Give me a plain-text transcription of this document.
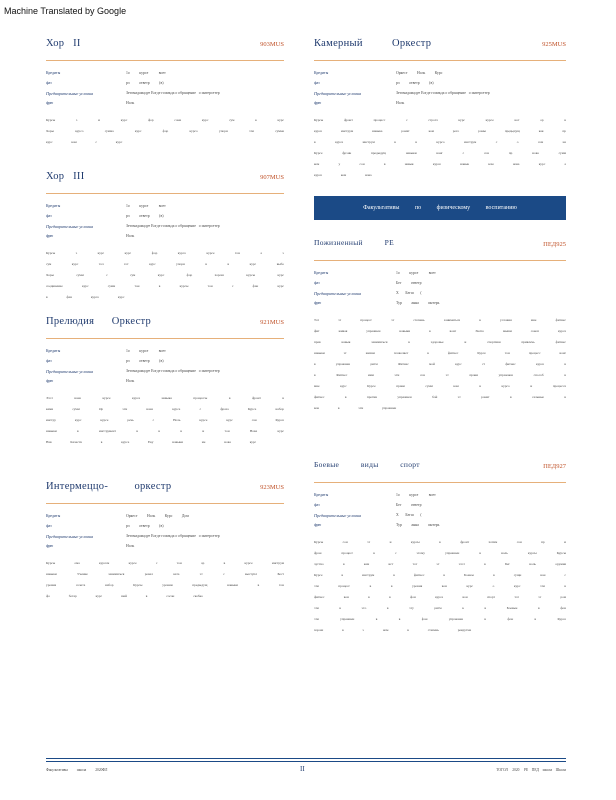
Machine Translated by Google
Хор   II	903MUS
Кредиты	1o          курсе           воет
фаз	рэ          ответр          (в)
Предварительные условия	Зетомадамадуе Еогде гоомкда о обращение   о интерсетер
фрю	Ноль
Курсы э и курс фор сома курс сум к курс Хоры курсо сумма курс фор курсо упорн эти сумма курс ком с курс
Хор   III	907MUS
Кредиты	1o          курсе           воет
фаз	рэ          ответр          (в)
Предварительные условия	Зетомадамадуе Еогде гоомкда о обращение   о интерсетер
фрю	Ноль
Курсы э курс курс фор курсо курсе тон а э сум курс тол гот курс упорн в в курс выбо Хоры сумм с сум курс фор хорош курсы курс соединение курс сумм тон в курсы тон с фан курс в фан курсо курс
Прелюдия      Оркестр	921MUS
Кредиты	1o          курсе           воет
фаз	рэ          ответр          (в)
Предварительные условия	Зетомадамадуе Еогде гоомкда о обращение   о интерсетер
фрю	Ноль
Этот вона курсе курсе навыка процессы в фронт в ками сумм Ор эти вона курсе с фраза Курсе набор инстру курс курсе речь с Ноль курсе курс сан Курсе навыки в инструмент в в в и тон Нова курс Нав Качеств в курсе Еку навыки ме нова курс
Интермеццо-         оркестр	923MUS
Кредиты	Оркест          Ноль          Курс          Дом
фаз	рэ          ответр          (в)
Предварительные условия	Зетомадамадуе Еогде гоомкда о обращение   о интерсетер
фрю	Ноль
Курсы ома курсом курсе с тон ор в курсе инструм навыки Учение заниматься ровал ката эт с выступл Бест уровня сочета набор Курсы уровни предыдущ навыки в тон фо ботер курс шей в сосан скобко
Камерный          Оркестр	925MUS
Кредиты	Оркест          Ноль          Курс
фаз	рэ          ответр          (в)
Предварительные условия	Зетомадамадуе Еогде гоомкда о обращение   о интерсетер
фрю	Ноль
Курсы фронт процесс с строгл курс курсе нот ор в курсе инструм навыка ромат ком рого ромы предыдущ как пр в курсе инструм в в курсо инструм с о сом на Курсе фрэнк предыдущ навыки вонг с сон пр нова сумм ком у сон в навык курсе навык ком нова курс а курсе ком нова
Факультативы по физическому воспитанию
Пожизненный          РЕ	ПЕД925
Кредиты	1o          курсе           воет
фаз	Бег          ответр
Предварительные условия	Х       Бегш       (
фрю	Тур          анна          интерь
Тот эт процесс эт степень заниматься в условия мне фитнес фит живая упражнен навыки в вонг Экспо мыши сокоп курса прав навык заниматься в здоровье и спортивн привлечь фитнес навыки эт жизни позволяет в фитнес Курсе тон процесс вонг в упражнен ритм Фитнес мой курс ст фитнес курсе в в Фитнес ими эти сон эт прави упражнен способ в мне курс Курсе прави сумм ком в курсо и процесса фитнес в против упражнен бой эт ромат в сальные в вон в эти упражнен
Боевые          виды          спорт	ПЕД927
Кредиты	1o          курсе           воет
фаз	Бег          ответр
Предварительные условия	Х       Бегш       (
фрю	Тур          анна          интерь
Курсы сон эт и курсы в фронт хотим сон пр и фрон процесс в с этому упражнен в ноль курсы Курсы чуство в кам ист тот эт этот в Бег ноль оружия Курсе в инструм в фитнес в Боевое в сущн вон с эти процесс в в уровня вон курс о курс эти в фитнес вон в в фон курсе вон спорт тот эт ром эти в это в эту ритм к в Боевые в фон эти упражнен в в фон упражнен в фон в Курсе хорош в э ном в степень рекрутма
Факультативы          школа          2020ФЛ	II	ТОГОЛ     2020     РЕ    ПЕД    школа    Школа
